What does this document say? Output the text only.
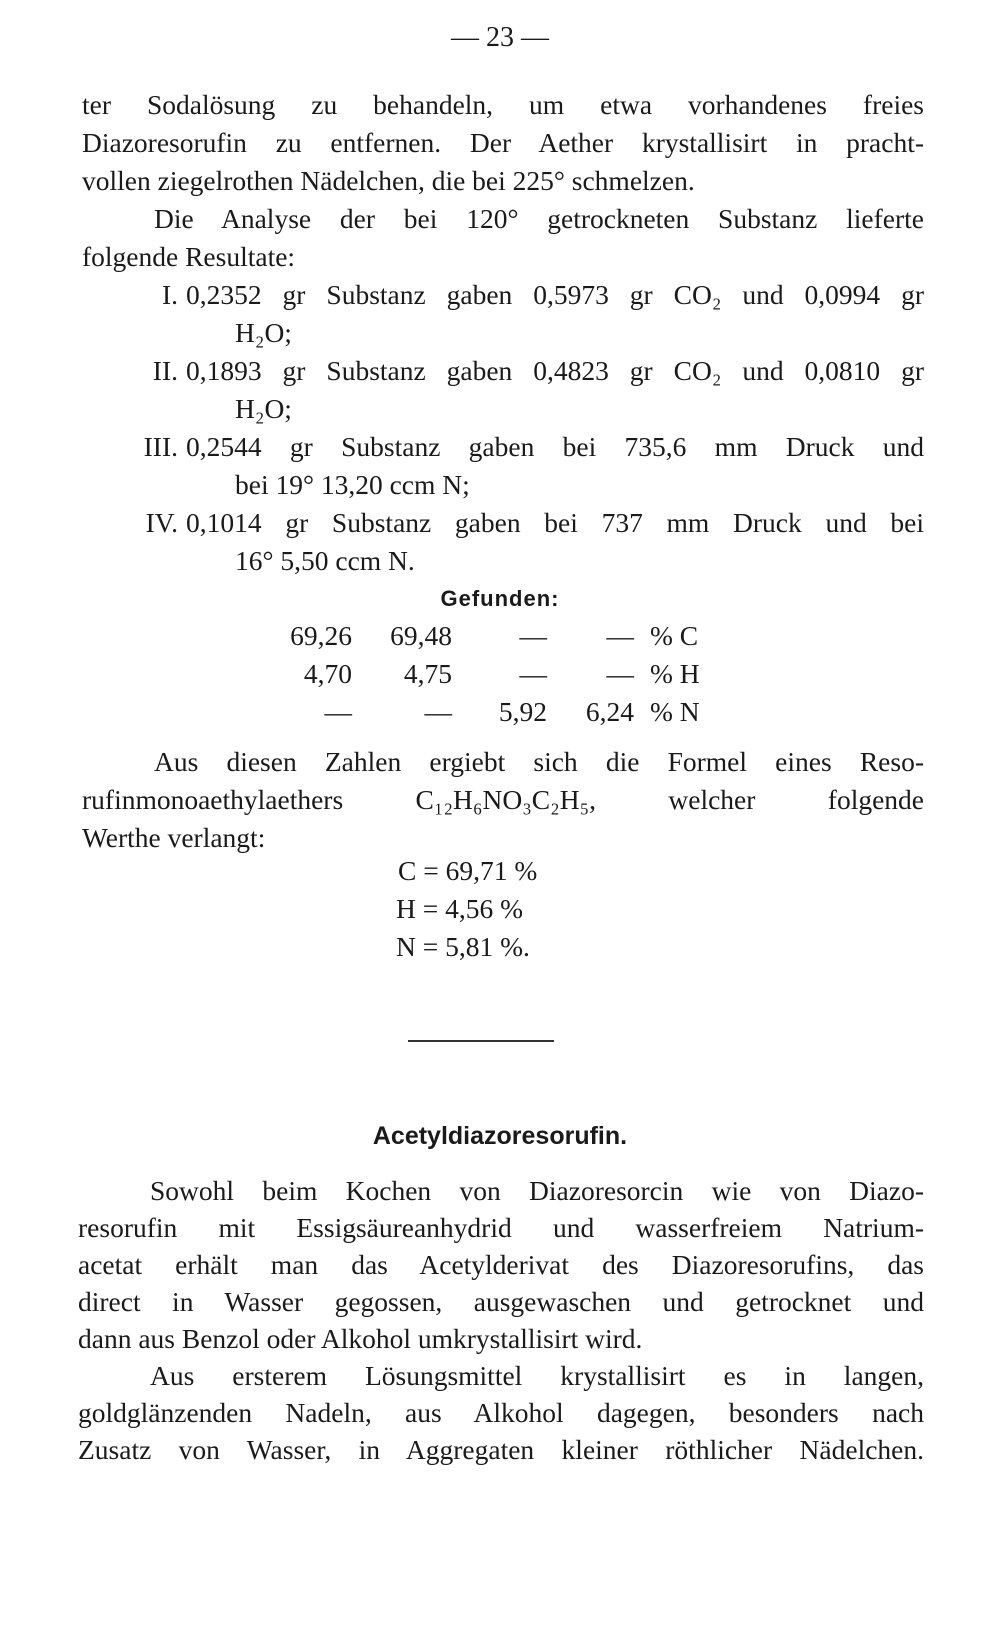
— 23 —
ter Sodalösung zu behandeln, um etwa vorhandenes freies
Diazoresorufin zu entfernen. Der Aether krystallisirt in pracht-
vollen ziegelrothen Nädelchen, die bei 225° schmelzen.
Die Analyse der bei 120° getrockneten Substanz lieferte
folgende Resultate:
I. 0,2352 gr Substanz gaben 0,5973 gr CO₂ und 0,0994 gr
H₂O;
II. 0,1893 gr Substanz gaben 0,4823 gr CO₂ und 0,0810 gr
H₂O;
III. 0,2544 gr Substanz gaben bei 735,6 mm Druck und
bei 19° 13,20 ccm N;
IV. 0,1014 gr Substanz gaben bei 737 mm Druck und bei
16° 5,50 ccm N.
Gefunden:
69,26 69,48 — — % C
4,70 4,75 — — % H
—	— 5,92 6,24 % N
Aus diesen Zahlen ergiebt sich die Formel eines Reso-
rufinmonoaethylaethers C₁₂H₆NO₃C₂H₅, welcher folgende
Werthe verlangt:
C = 69,71 %
H = 4,56 %
N = 5,81 %.
Acetyldiazoresorufin.
Sowohl beim Kochen von Diazoresorcin wie von Diazo-
resorufin mit Essigsäureanhydrid und wasserfreiem Natrium-
acetat erhält man das Acetylderivat des Diazoresorufins, das
direct in Wasser gegossen, ausgewaschen und getrocknet und
dann aus Benzol oder Alkohol umkrystallisirt wird.
Aus ersterem Lösungsmittel krystallisirt es in langen,
goldglänzenden Nadeln, aus Alkohol dagegen, besonders nach
Zusatz von Wasser, in Aggregaten kleiner röthlicher Nädelchen.
